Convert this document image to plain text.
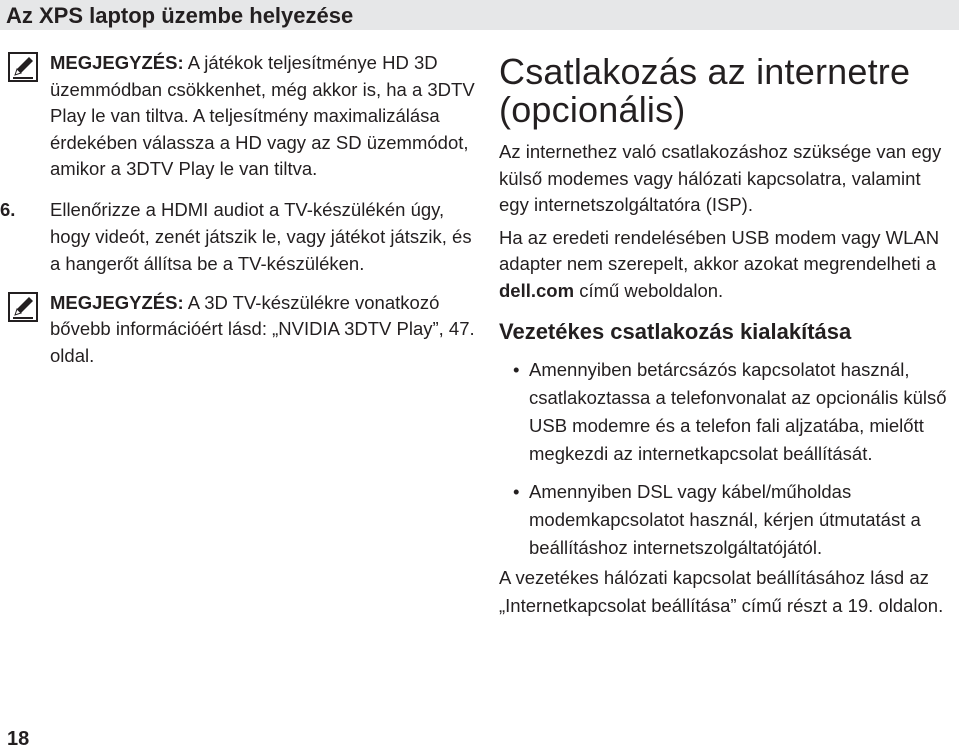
Az XPS laptop üzembe helyezése
MEGJEGYZÉS: A játékok teljesítménye HD 3D üzemmódban csökkenhet, még akkor is, ha a 3DTV Play le van tiltva. A teljesítmény maximalizálása érdekében válassza a HD vagy az SD üzemmódot, amikor a 3DTV Play le van tiltva.
6. Ellenőrizze a HDMI audiot a TV-készülékén úgy, hogy videót, zenét játszik le, vagy játékot játszik, és a hangerőt állítsa be a TV-készüléken.
MEGJEGYZÉS: A 3D TV-készülékre vonatkozó bővebb információért lásd: „NVIDIA 3DTV Play”, 47. oldal.
Csatlakozás az internetre (opcionális)

Az internethez való csatlakozáshoz szüksége van egy külső modemes vagy hálózati kapcsolatra, valamint egy internetszolgáltatóra (ISP).

Ha az eredeti rendelésében USB modem vagy WLAN adapter nem szerepelt, akkor azokat megrendelheti a dell.com című weboldalon.

Vezetékes csatlakozás kialakítása
• Amennyiben betárcsázós kapcsolatot használ, csatlakoztassa a telefonvonalat az opcionális külső USB modemre és a telefon fali aljzatába, mielőtt megkezdi az internetkapcsolat beállítását.
• Amennyiben DSL vagy kábel/műholdas modemkapcsolatot használ, kérjen útmutatást a beállításhoz internetszolgáltatójától.

A vezetékes hálózati kapcsolat beállításához lásd az „Internetkapcsolat beállítása” című részt a 19. oldalon.

18
